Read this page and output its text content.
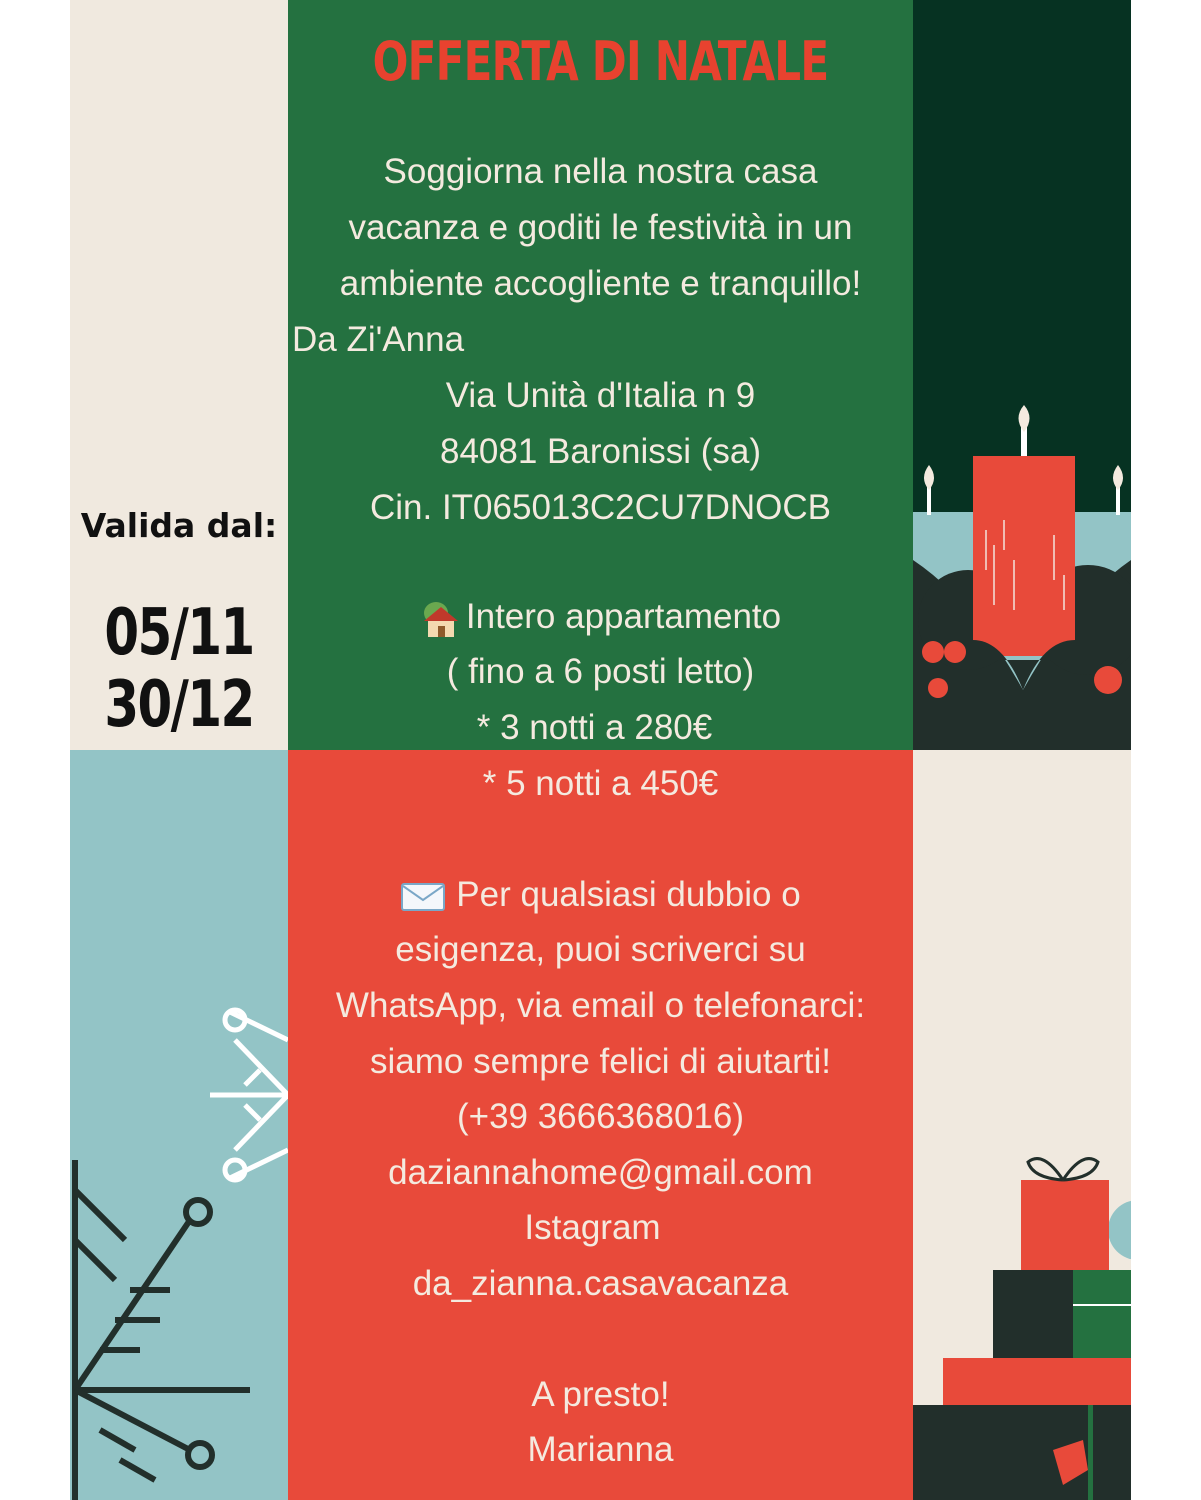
Valida dal:
05/11
30/12
OFFERTA DI NATALE
Soggiorna nella nostra casa
vacanza e goditi le festività in un
ambiente accogliente e tranquillo!
Da Zi'Anna
Via Unità d'Italia n 9
84081 Baronissi (sa)
Cin. IT065013C2CU7DNOCB
Intero appartamento
( fino a 6 posti letto)
* 3 notti a 280€
* 5 notti a 450€
Per qualsiasi dubbio o
esigenza, puoi scriverci su
WhatsApp, via email o telefonarci:
siamo sempre felici di aiutarti!
(+39 3666368016)
daziannahome@gmail.com
Istagram
da_zianna.casavacanza
A presto!
Marianna
